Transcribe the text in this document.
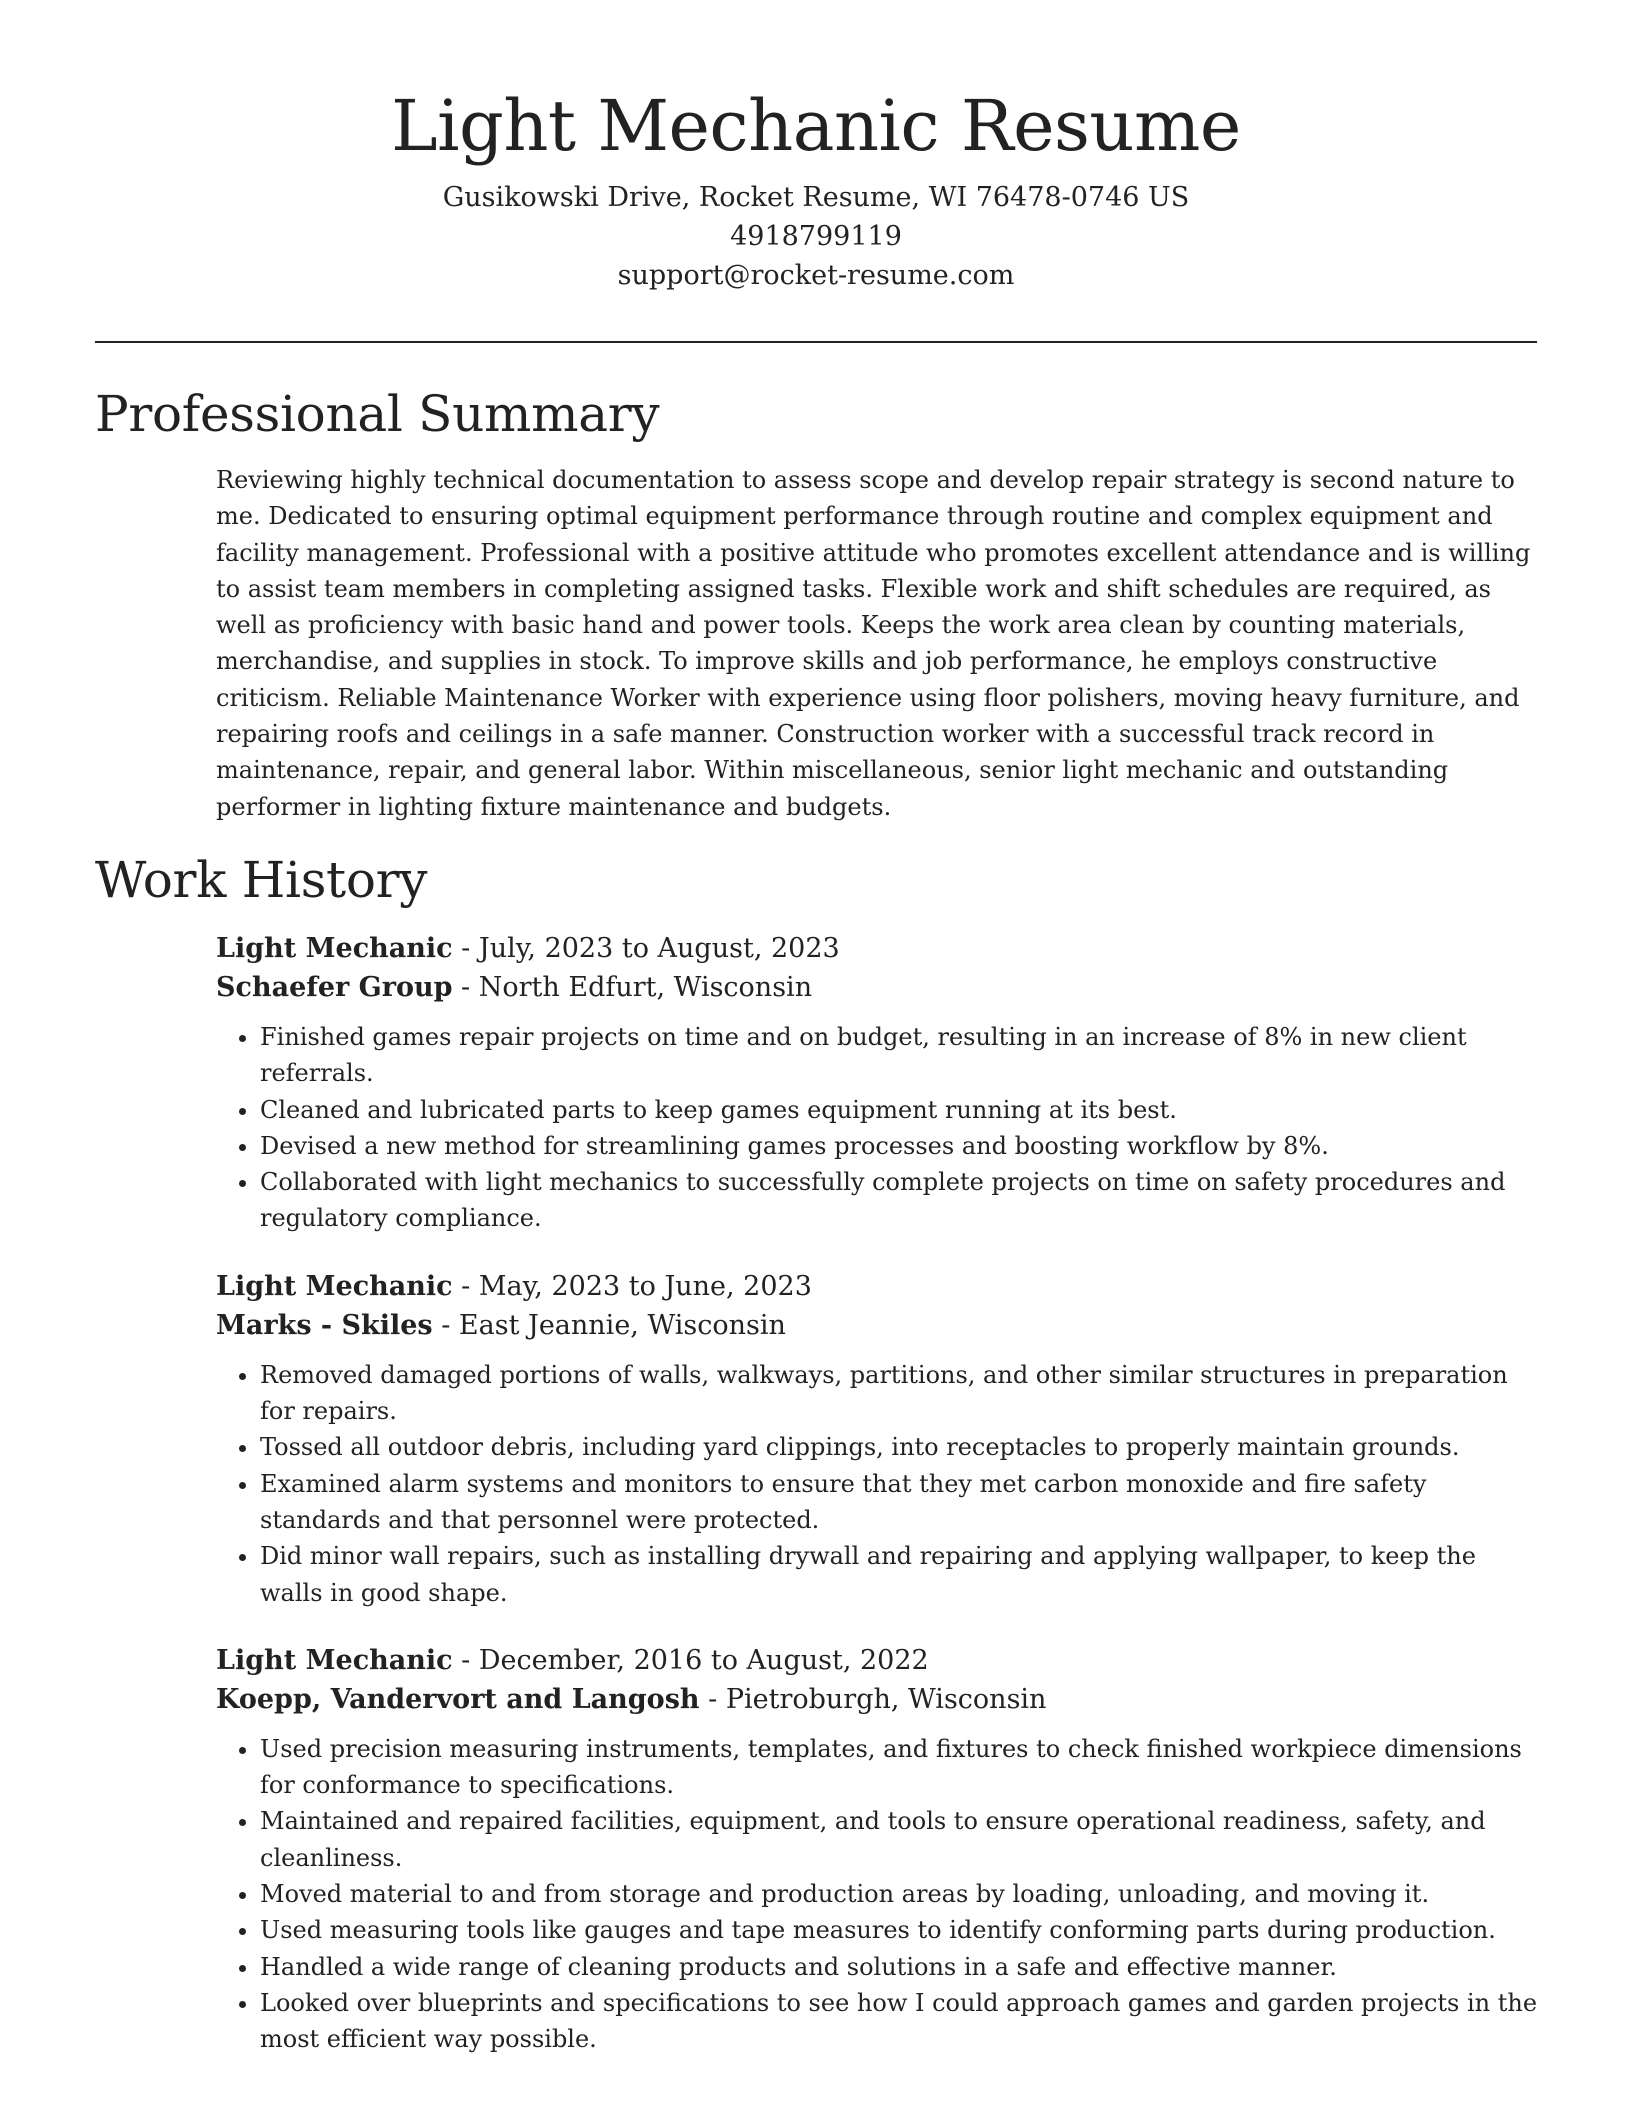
Light Mechanic Resume
Gusikowski Drive, Rocket Resume, WI 76478-0746 US
4918799119
support@rocket-resume.com
Professional Summary

Reviewing highly technical documentation to assess scope and develop repair strategy is second nature to me. Dedicated to ensuring optimal equipment performance through routine and complex equipment and facility management. Professional with a positive attitude who promotes excellent attendance and is willing to assist team members in completing assigned tasks. Flexible work and shift schedules are required, as well as proficiency with basic hand and power tools. Keeps the work area clean by counting materials, merchandise, and supplies in stock. To improve skills and job performance, he employs constructive criticism. Reliable Maintenance Worker with experience using floor polishers, moving heavy furniture, and repairing roofs and ceilings in a safe manner. Construction worker with a successful track record in maintenance, repair, and general labor. Within miscellaneous, senior light mechanic and outstanding performer in lighting fixture maintenance and budgets.

Work History
Light Mechanic - July, 2023 to August, 2023
Schaefer Group - North Edfurt, Wisconsin
• Finished games repair projects on time and on budget, resulting in an increase of 8% in new client referrals.
• Cleaned and lubricated parts to keep games equipment running at its best.
• Devised a new method for streamlining games processes and boosting workflow by 8%.
• Collaborated with light mechanics to successfully complete projects on time on safety procedures and regulatory compliance.
Light Mechanic - May, 2023 to June, 2023
Marks - Skiles - East Jeannie, Wisconsin
• Removed damaged portions of walls, walkways, partitions, and other similar structures in preparation for repairs.
• Tossed all outdoor debris, including yard clippings, into receptacles to properly maintain grounds.
• Examined alarm systems and monitors to ensure that they met carbon monoxide and fire safety standards and that personnel were protected.
• Did minor wall repairs, such as installing drywall and repairing and applying wallpaper, to keep the walls in good shape.
Light Mechanic - December, 2016 to August, 2022
Koepp, Vandervort and Langosh - Pietroburgh, Wisconsin
• Used precision measuring instruments, templates, and fixtures to check finished workpiece dimensions for conformance to specifications.
• Maintained and repaired facilities, equipment, and tools to ensure operational readiness, safety, and cleanliness.
• Moved material to and from storage and production areas by loading, unloading, and moving it.
• Used measuring tools like gauges and tape measures to identify conforming parts during production.
• Handled a wide range of cleaning products and solutions in a safe and effective manner.
• Looked over blueprints and specifications to see how I could approach games and garden projects in the most efficient way possible.
